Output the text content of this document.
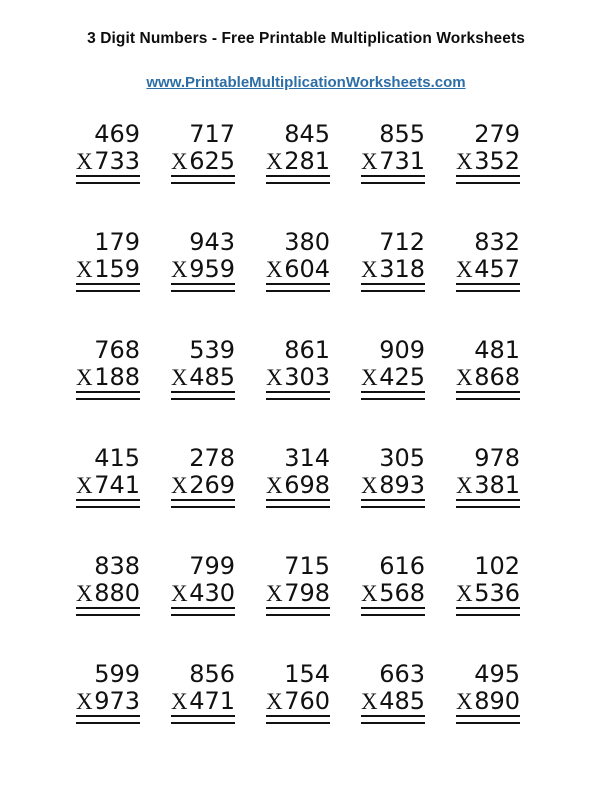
3 Digit Numbers - Free Printable Multiplication Worksheets

www.PrintableMultiplicationWorksheets.com
469
X 733
717
X 625
845
X 281
855
X 731
279
X 352
179
X 159
943
X 959
380
X 604
712
X 318
832
X 457
768
X 188
539
X 485
861
X 303
909
X 425
481
X 868
415
X 741
278
X 269
314
X 698
305
X 893
978
X 381
838
X 880
799
X 430
715
X 798
616
X 568
102
X 536
599
X 973
856
X 471
154
X 760
663
X 485
495
X 890
